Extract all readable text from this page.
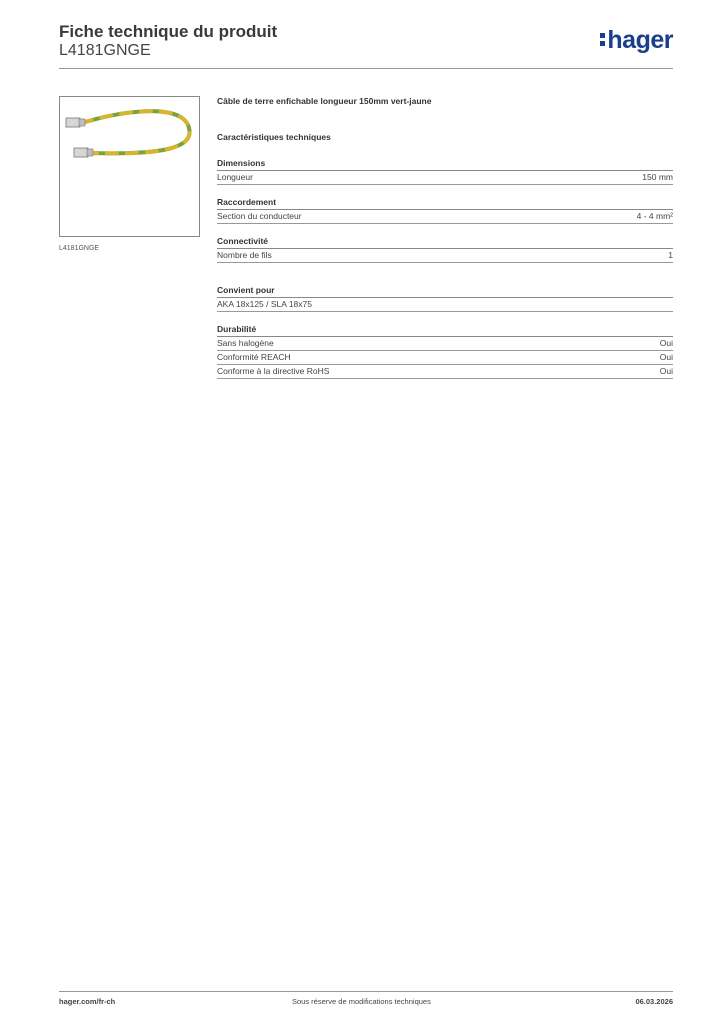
Fiche technique du produit
L4181GNGE	hager
L4181GNGE
Câble de terre enfichable longueur 150mm vert-jaune
Caractéristiques techniques
Dimensions
Longueur	150 mm
Raccordement
Section du conducteur	4 - 4 mm²
Connectivité
Nombre de fils	1
Convient pour
AKA 18x125 / SLA 18x75
Durabilité
Sans halogène	Oui
Conformité REACH	Oui
Conforme à la directive RoHS	Oui
hager.com/fr-ch	Sous réserve de modifications techniques	06.03.2026
